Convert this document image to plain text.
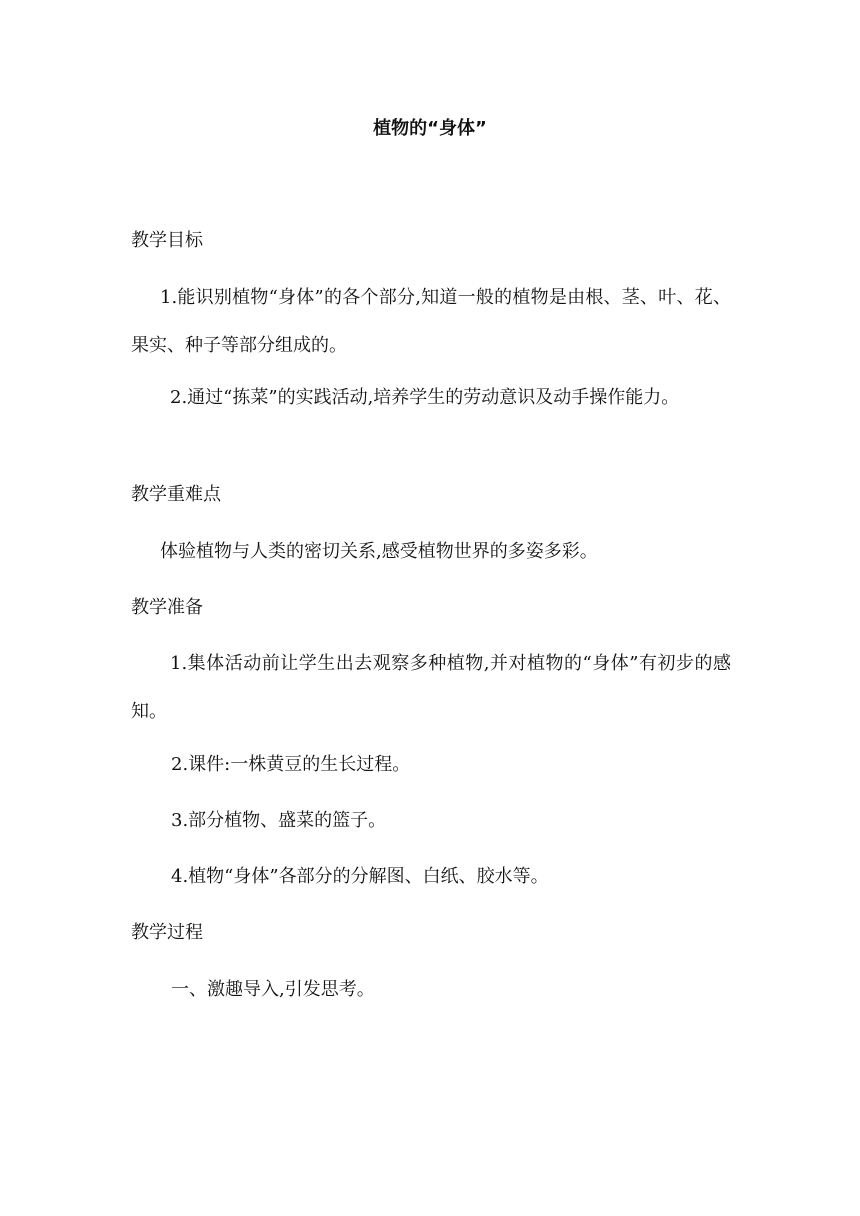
植物的“身体”
教学目标
1.能识别植物“身体”的各个部分,知道一般的植物是由根、茎、叶、花、果实、种子等部分组成的。
2.通过“拣菜”的实践活动,培养学生的劳动意识及动手操作能力。
教学重难点
体验植物与人类的密切关系,感受植物世界的多姿多彩。
教学准备
1.集体活动前让学生出去观察多种植物,并对植物的“身体”有初步的感知。
2.课件:一株黄豆的生长过程。
3.部分植物、盛菜的篮子。
4.植物“身体”各部分的分解图、白纸、胶水等。
教学过程
一、激趣导入,引发思考。
